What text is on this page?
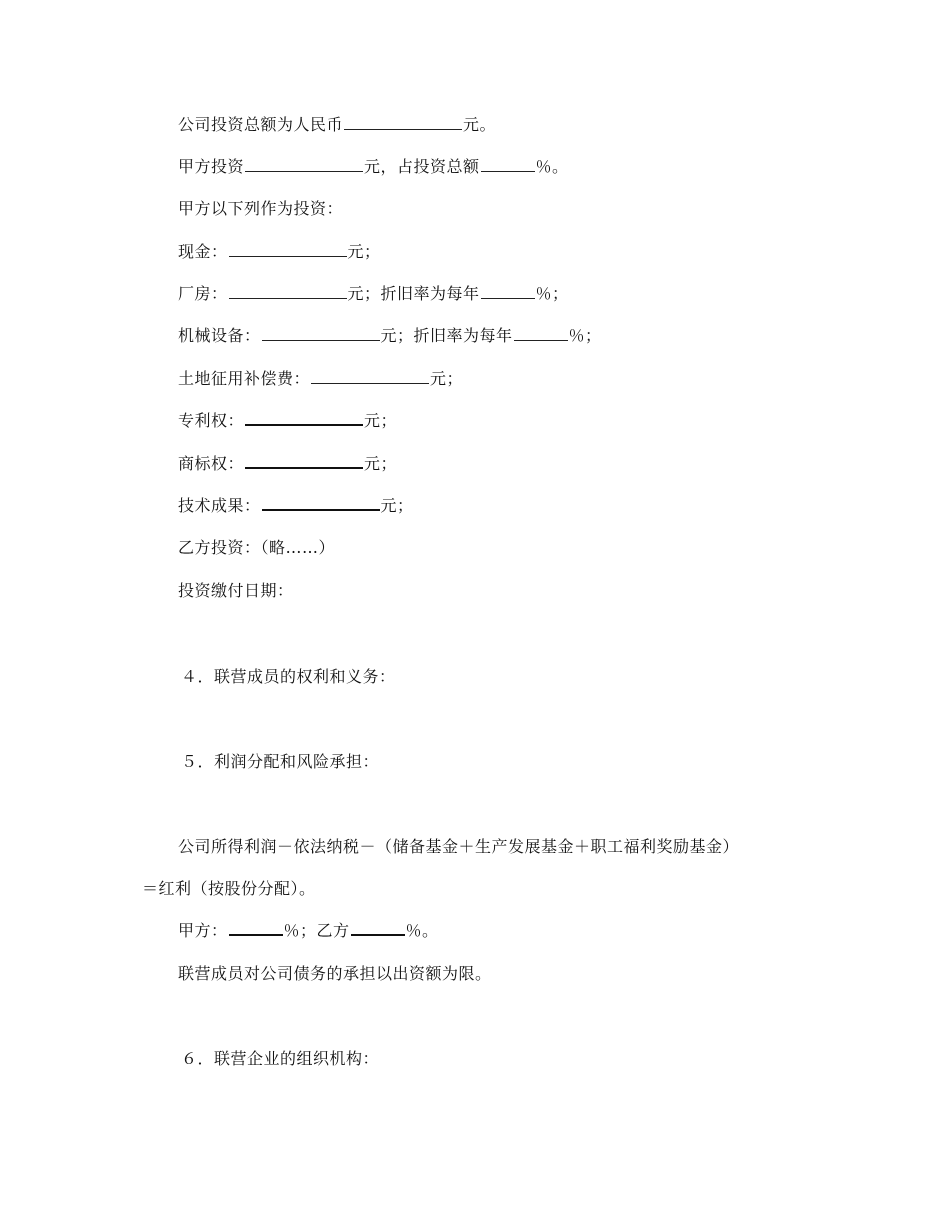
公司投资总额为人民币	元。
甲方投资	元，占投资总额	％。
甲方以下列作为投资：
现金：	元；
厂房：	元；折旧率为每年	％；
机械设备：	元；折旧率为每年	％；
土地征用补偿费：	元；
专利权：	元；
商标权：	元；
技术成果：	元；
乙方投资：（略……）
投资缴付日期：
４．联营成员的权利和义务：
５．利润分配和风险承担：
公司所得利润－依法纳税－（储备基金＋生产发展基金＋职工福利奖励基金）
＝红利（按股份分配）。
甲方：	％；乙方	％。
联营成员对公司债务的承担以出资额为限。
６．联营企业的组织机构：
